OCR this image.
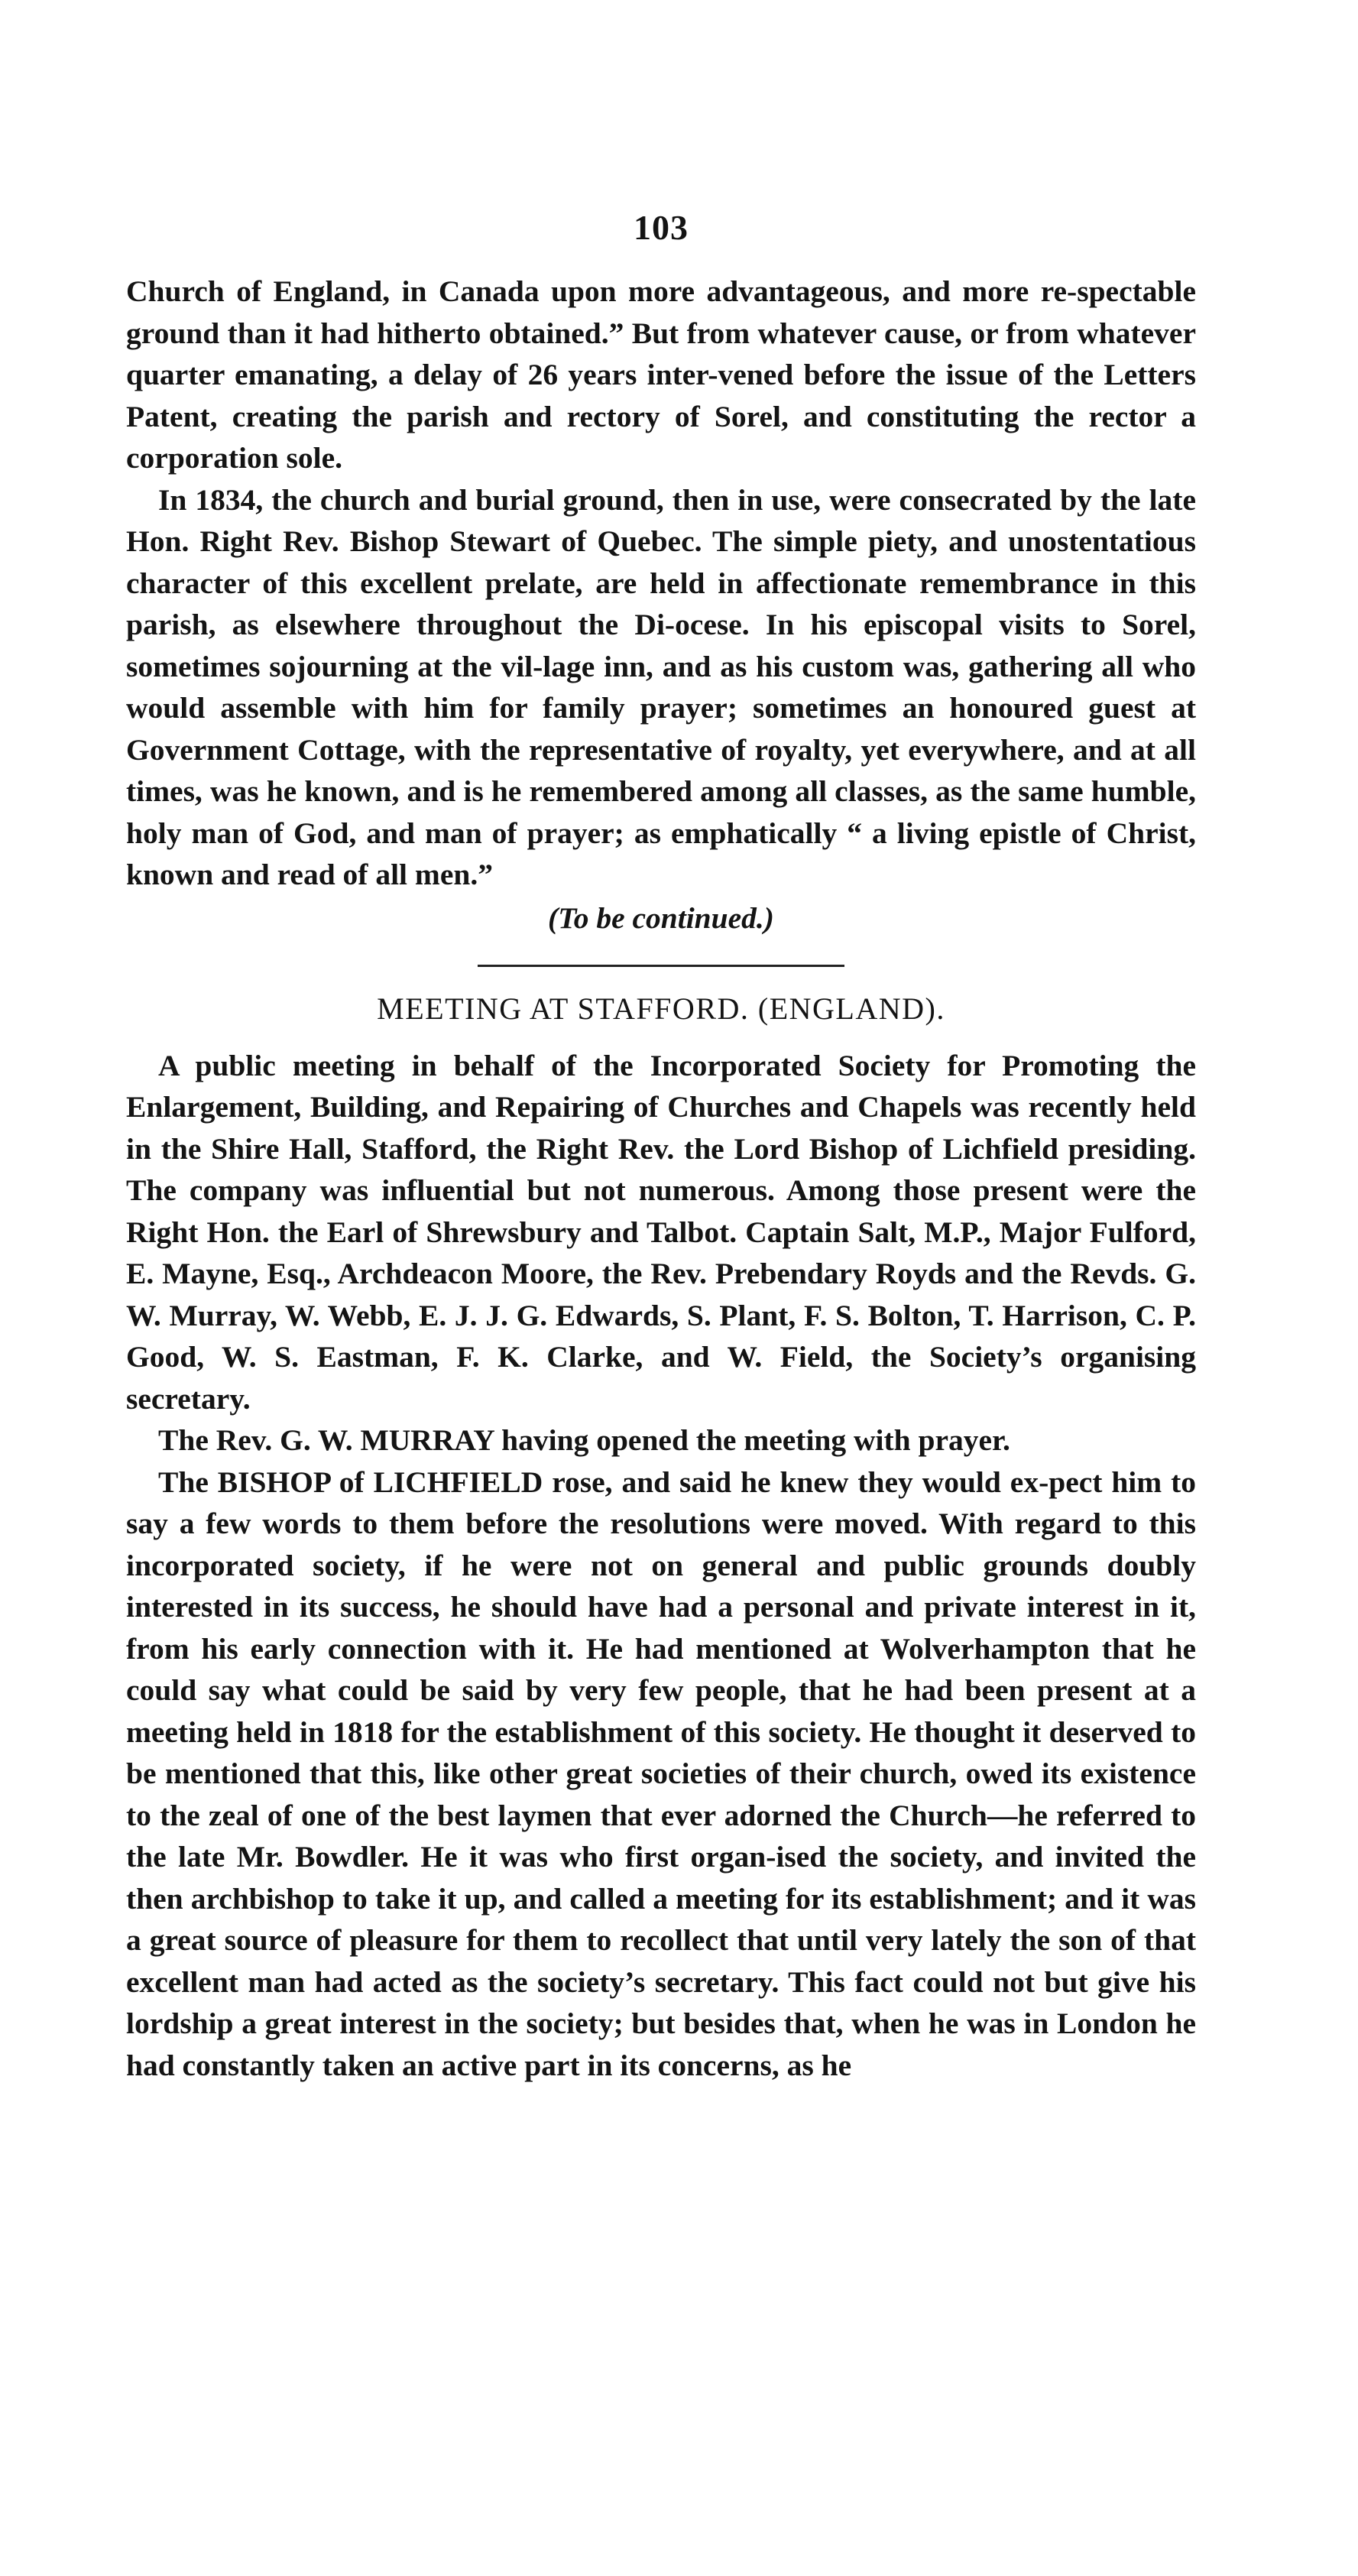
103

Church of England, in Canada upon more advantageous, and more re-spectable ground than it had hitherto obtained.” But from whatever cause, or from whatever quarter emanating, a delay of 26 years inter-vened before the issue of the Letters Patent, creating the parish and rectory of Sorel, and constituting the rector a corporation sole.

In 1834, the church and burial ground, then in use, were consecrated by the late Hon. Right Rev. Bishop Stewart of Quebec. The simple piety, and unostentatious character of this excellent prelate, are held in affectionate remembrance in this parish, as elsewhere throughout the Di-ocese. In his episcopal visits to Sorel, sometimes sojourning at the vil-lage inn, and as his custom was, gathering all who would assemble with him for family prayer; sometimes an honoured guest at Government Cottage, with the representative of royalty, yet everywhere, and at all times, was he known, and is he remembered among all classes, as the same humble, holy man of God, and man of prayer; as emphatically “ a living epistle of Christ, known and read of all men.”

(To be continued.)
MEETING AT STAFFORD. (ENGLAND).

A public meeting in behalf of the Incorporated Society for Promoting the Enlargement, Building, and Repairing of Churches and Chapels was recently held in the Shire Hall, Stafford, the Right Rev. the Lord Bishop of Lichfield presiding. The company was influential but not numerous. Among those present were the Right Hon. the Earl of Shrewsbury and Talbot. Captain Salt, M.P., Major Fulford, E. Mayne, Esq., Archdeacon Moore, the Rev. Prebendary Royds and the Revds. G. W. Murray, W. Webb, E. J. J. G. Edwards, S. Plant, F. S. Bolton, T. Harrison, C. P. Good, W. S. Eastman, F. K. Clarke, and W. Field, the Society’s organising secretary.

The Rev. G. W. MURRAY having opened the meeting with prayer.

The BISHOP of LICHFIELD rose, and said he knew they would ex-pect him to say a few words to them before the resolutions were moved. With regard to this incorporated society, if he were not on general and public grounds doubly interested in its success, he should have had a personal and private interest in it, from his early connection with it. He had mentioned at Wolverhampton that he could say what could be said by very few people, that he had been present at a meeting held in 1818 for the establishment of this society. He thought it deserved to be mentioned that this, like other great societies of their church, owed its existence to the zeal of one of the best laymen that ever adorned the Church—he referred to the late Mr. Bowdler. He it was who first organ-ised the society, and invited the then archbishop to take it up, and called a meeting for its establishment; and it was a great source of pleasure for them to recollect that until very lately the son of that excellent man had acted as the society’s secretary. This fact could not but give his lordship a great interest in the society; but besides that, when he was in London he had constantly taken an active part in its concerns, as he
